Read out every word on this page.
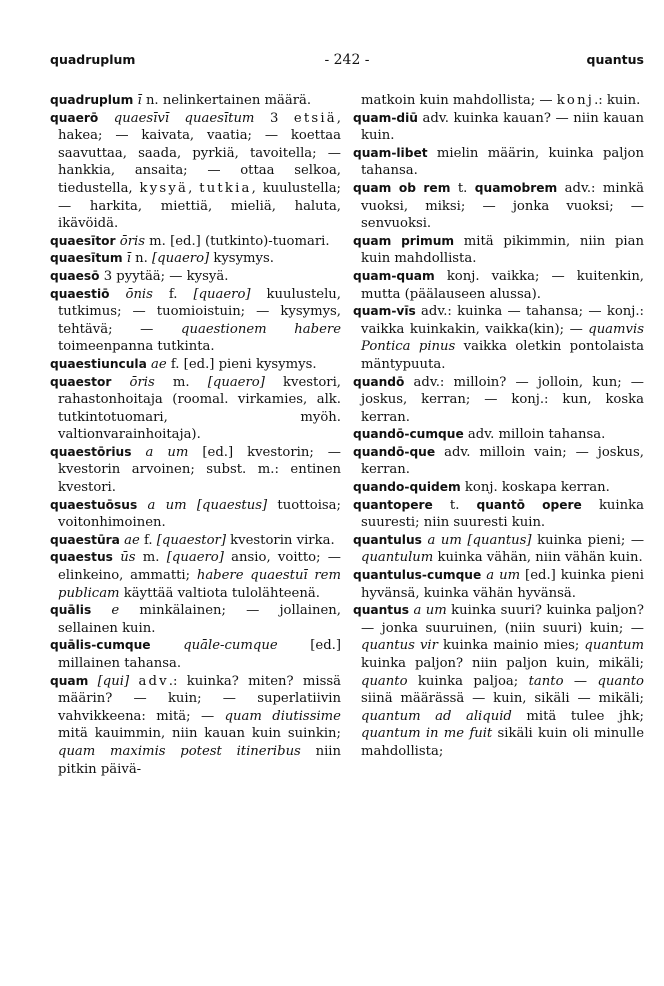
quadruplum	- 242 -	quantus

quadruplum ī n. nelinkertainen määrä.

quaerō quaesīvī quaesītum 3 etsiä, hakea; — kaivata, vaatia; — koettaa saavuttaa, saada, pyrkiä, tavoitella; — hankkia, ansaita; — ottaa selkoa, tiedustella, kysyä, tutkia, kuulustella; — harkita, miettiä, mieliä, haluta, ikävöidä.

quaesītor ōris m. [ed.] (tutkinto)-tuomari.

quaesītum ī n. [quaero] kysymys.

quaesō 3 pyytää; — kysyä.

quaestiō ōnis f. [quaero] kuulustelu, tutkimus; — tuomioistuin; — kysymys, tehtävä; — quaestionem habere toimeenpanna tutkinta.

quaestiuncula ae f. [ed.] pieni kysymys.

quaestor ōris m. [quaero] kvestori, rahastonhoitaja (roomal. virkamies, alk. tutkintotuomari, myöh. valtionvarainhoitaja).

quaestōrius a um [ed.] kvestorin; — kvestorin arvoinen; subst. m.: entinen kvestori.

quaestuōsus a um [quaestus] tuottoisa; voitonhimoinen.

quaestūra ae f. [quaestor] kvestorin virka.

quaestus ūs m. [quaero] ansio, voitto; — elinkeino, ammatti; habere quaestuī rem publicam käyttää valtiota tulolähteenä.

quālis e minkälainen; — jollainen, sellainen kuin.

quālis-cumque quāle-cumque [ed.] millainen tahansa.

quam [qui] adv.: kuinka? miten? missä määrin? — kuin; — superlatiivin vahvikkeena: mitä; — quam diutissime mitä kauimmin, niin kauan kuin suinkin; quam maximis potest itineribus niin pitkin päivä-

matkoin kuin mahdollista; — konj.: kuin.

quam-diū adv. kuinka kauan? — niin kauan kuin.

quam-libet mielin määrin, kuinka paljon tahansa.

quam ob rem t. quamobrem adv.: minkä vuoksi, miksi; — jonka vuoksi; — senvuoksi.

quam primum mitä pikimmin, niin pian kuin mahdollista.

quam-quam konj. vaikka; — kuitenkin, mutta (päälauseen alussa).

quam-vīs adv.: kuinka — tahansa; — konj.: vaikka kuinkakin, vaikka(kin); — quamvis Pontica pinus vaikka oletkin pontolaista mäntypuuta.

quandō adv.: milloin? — jolloin, kun; — joskus, kerran; — konj.: kun, koska kerran.

quandō-cumque adv. milloin tahansa.

quandō-que adv. milloin vain; — joskus, kerran.

quando-quidem konj. koskapa kerran.

quantopere t. quantō opere kuinka suuresti; niin suuresti kuin.

quantulus a um [quantus] kuinka pieni; — quantulum kuinka vähän, niin vähän kuin.

quantulus-cumque a um [ed.] kuinka pieni hyvänsä, kuinka vähän hyvänsä.

quantus a um kuinka suuri? kuinka paljon? — jonka suuruinen, (niin suuri) kuin; — quantus vir kuinka mainio mies; quantum kuinka paljon? niin paljon kuin, mikäli; quanto kuinka paljoa; tanto — quanto siinä määrässä — kuin, sikäli — mikäli; quantum ad aliquid mitä tulee jhk; quantum in me fuit sikäli kuin oli minulle mahdollista;
